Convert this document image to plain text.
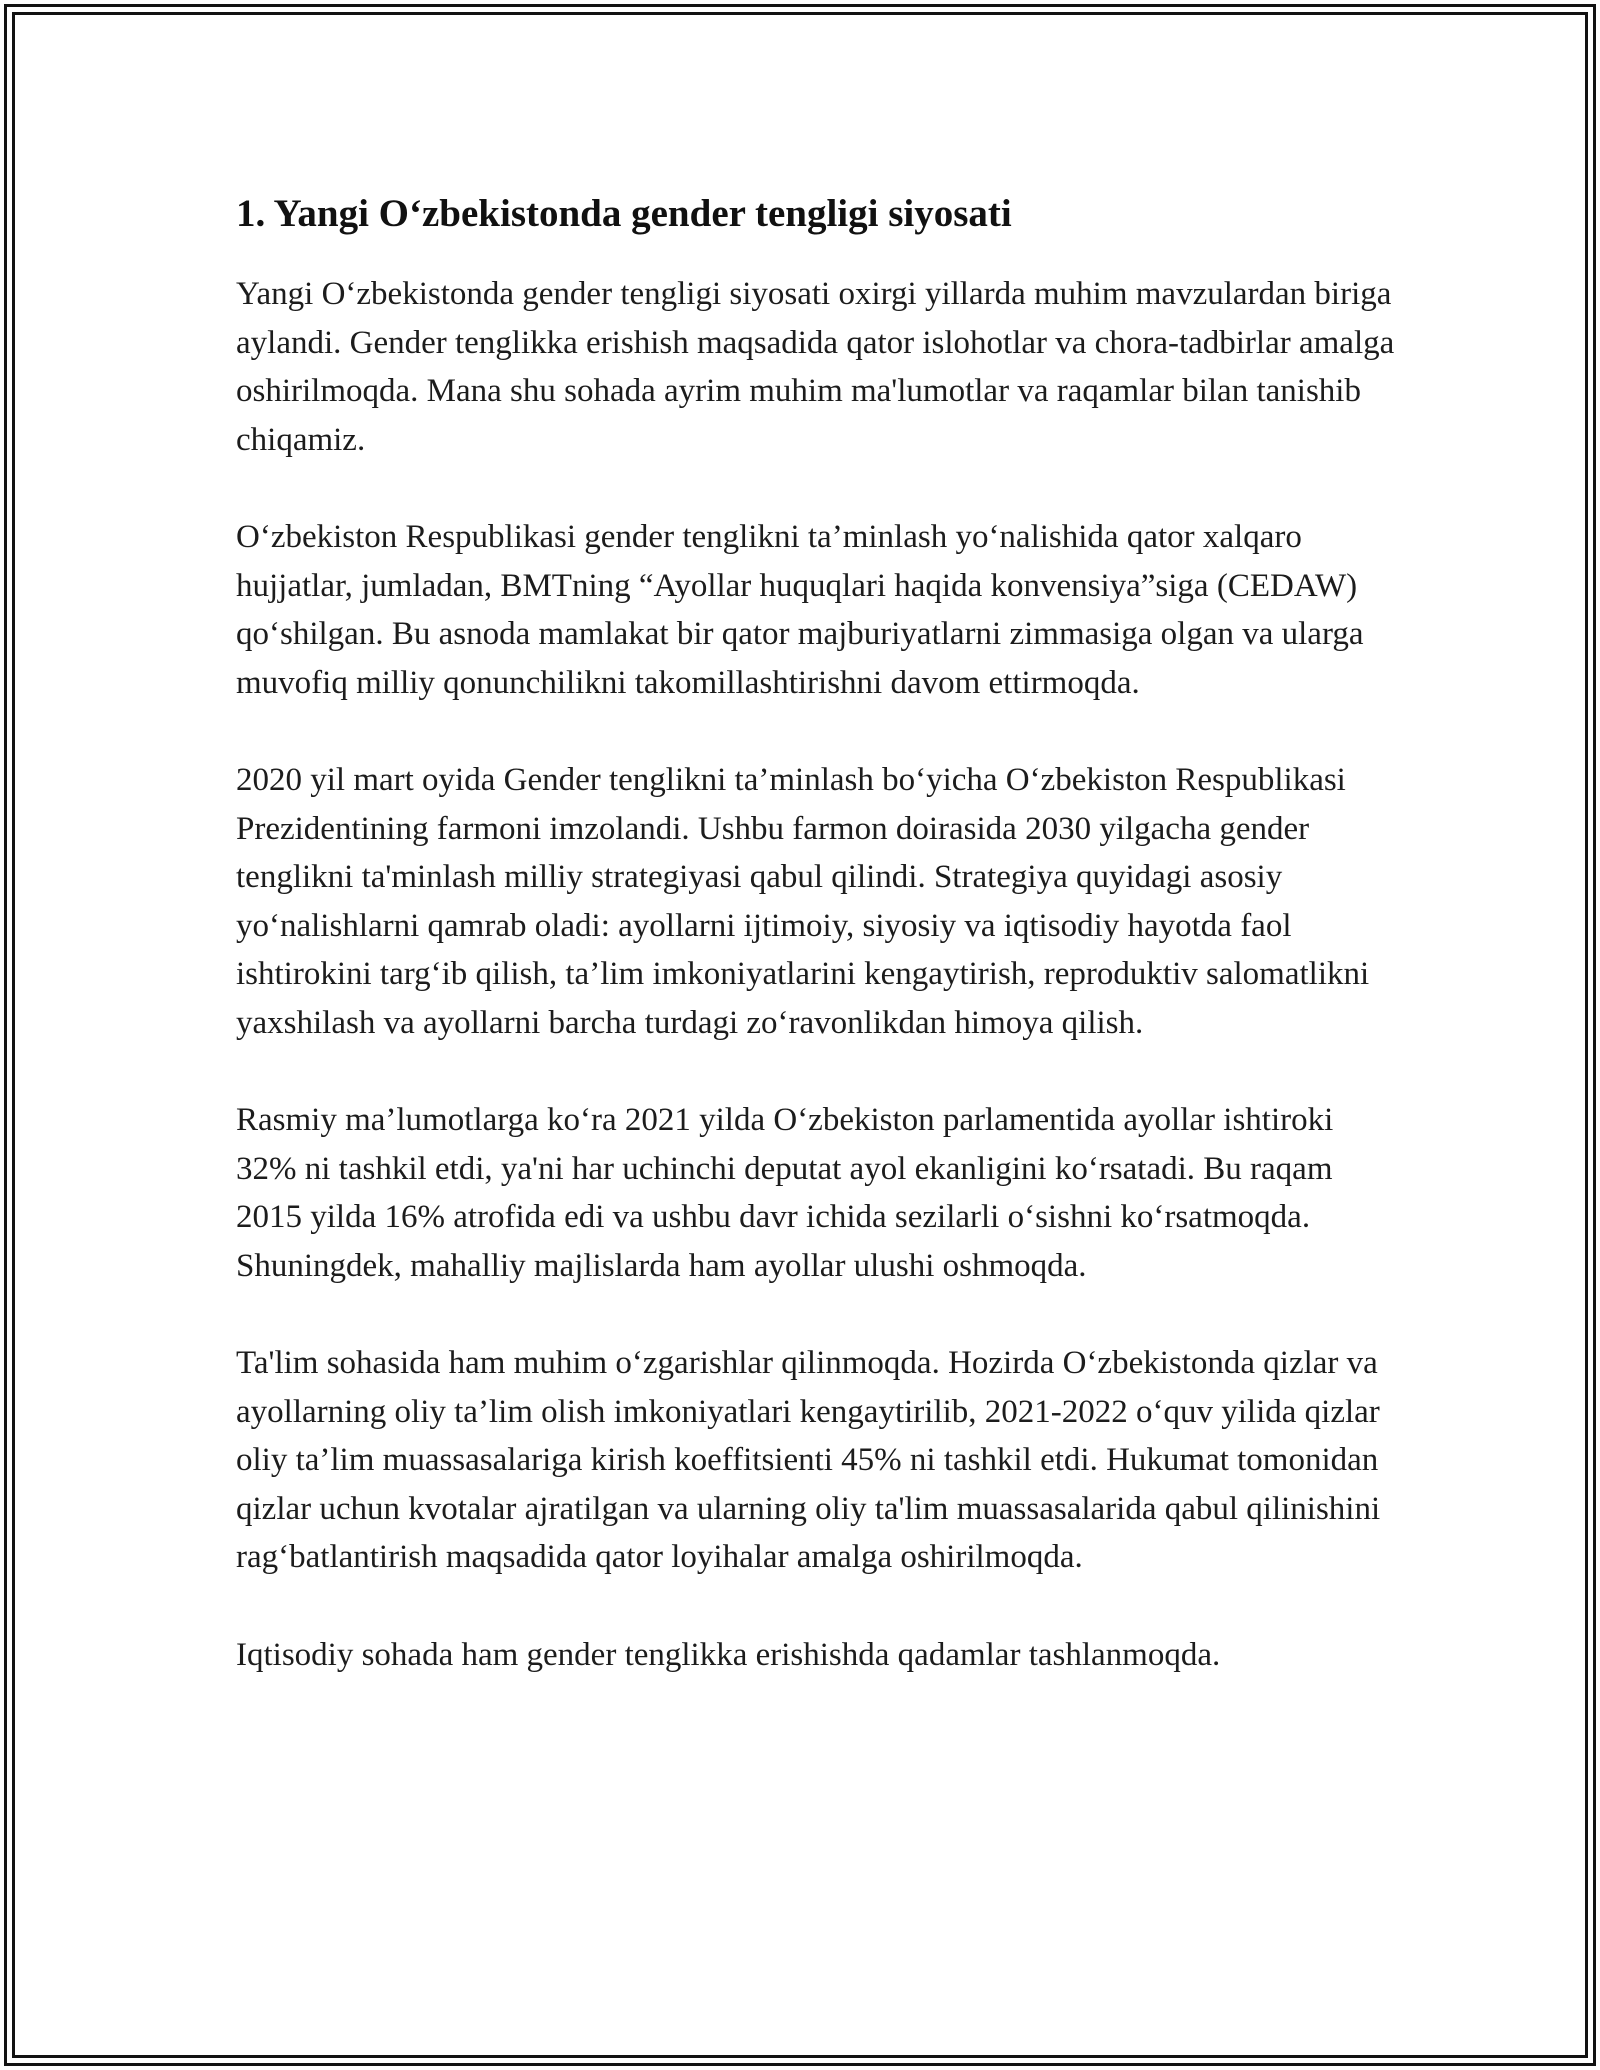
1. Yangi O‘zbekistonda gender tengligi siyosati

Yangi O‘zbekistonda gender tengligi siyosati oxirgi yillarda muhim mavzulardan biriga aylandi. Gender tenglikka erishish maqsadida qator islohotlar va chora-tadbirlar amalga oshirilmoqda. Mana shu sohada ayrim muhim ma'lumotlar va raqamlar bilan tanishib chiqamiz.

O‘zbekiston Respublikasi gender tenglikni ta’minlash yo‘nalishida qator xalqaro hujjatlar, jumladan, BMTning “Ayollar huquqlari haqida konvensiya”siga (CEDAW) qo‘shilgan. Bu asnoda mamlakat bir qator majburiyatlarni zimmasiga olgan va ularga muvofiq milliy qonunchilikni takomillashtirishni davom ettirmoqda.

2020 yil mart oyida Gender tenglikni ta’minlash bo‘yicha O‘zbekiston Respublikasi Prezidentining farmoni imzolandi. Ushbu farmon doirasida 2030 yilgacha gender tenglikni ta'minlash milliy strategiyasi qabul qilindi. Strategiya quyidagi asosiy yo‘nalishlarni qamrab oladi: ayollarni ijtimoiy, siyosiy va iqtisodiy hayotda faol ishtirokini targ‘ib qilish, ta’lim imkoniyatlarini kengaytirish, reproduktiv salomatlikni yaxshilash va ayollarni barcha turdagi zo‘ravonlikdan himoya qilish.

Rasmiy ma’lumotlarga ko‘ra 2021 yilda O‘zbekiston parlamentida ayollar ishtiroki 32% ni tashkil etdi, ya'ni har uchinchi deputat ayol ekanligini ko‘rsatadi. Bu raqam 2015 yilda 16% atrofida edi va ushbu davr ichida sezilarli o‘sishni ko‘rsatmoqda. Shuningdek, mahalliy majlislarda ham ayollar ulushi oshmoqda.

Ta'lim sohasida ham muhim o‘zgarishlar qilinmoqda. Hozirda O‘zbekistonda qizlar va ayollarning oliy ta’lim olish imkoniyatlari kengaytirilib, 2021-2022 o‘quv yilida qizlar oliy ta’lim muassasalariga kirish koeffitsienti 45% ni tashkil etdi. Hukumat tomonidan qizlar uchun kvotalar ajratilgan va ularning oliy ta'lim muassasalarida qabul qilinishini rag‘batlantirish maqsadida qator loyihalar amalga oshirilmoqda.

Iqtisodiy sohada ham gender tenglikka erishishda qadamlar tashlanmoqda.
